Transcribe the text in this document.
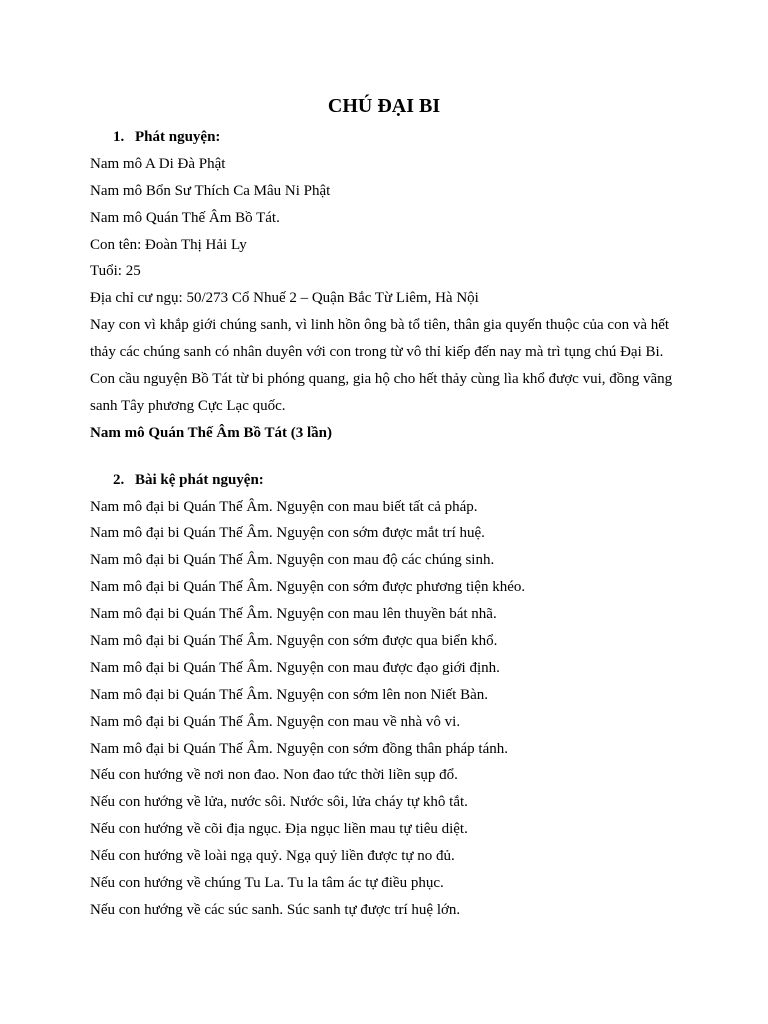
CHÚ ĐẠI BI
1. Phát nguyện:
Nam mô A Di Đà Phật
Nam mô Bổn Sư Thích Ca Mâu Ni Phật
Nam mô Quán Thế Âm Bồ Tát.
Con tên: Đoàn Thị Hải Ly
Tuổi: 25
Địa chỉ cư ngụ: 50/273 Cổ Nhuế 2 – Quận Bắc Từ Liêm, Hà Nội
Nay con vì khắp giới chúng sanh, vì linh hồn ông bà tổ tiên, thân gia quyến thuộc của con và hết
thảy các chúng sanh có nhân duyên với con trong từ vô thỉ kiếp đến nay mà trì tụng chú Đại Bi.
Con cầu nguyện Bồ Tát từ bi phóng quang, gia hộ cho hết thảy cùng lìa khổ được vui, đồng vãng
sanh Tây phương Cực Lạc quốc.
Nam mô Quán Thế Âm Bồ Tát (3 lần)
2. Bài kệ phát nguyện:
Nam mô đại bi Quán Thế Âm. Nguyện con mau biết tất cả pháp.
Nam mô đại bi Quán Thế Âm. Nguyện con sớm được mắt trí huệ.
Nam mô đại bi Quán Thế Âm. Nguyện con mau độ các chúng sinh.
Nam mô đại bi Quán Thế Âm. Nguyện con sớm được phương tiện khéo.
Nam mô đại bi Quán Thế Âm. Nguyện con mau lên thuyền bát nhã.
Nam mô đại bi Quán Thế Âm. Nguyện con sớm được qua biển khổ.
Nam mô đại bi Quán Thế Âm. Nguyện con mau được đạo giới định.
Nam mô đại bi Quán Thế Âm. Nguyện con sớm lên non Niết Bàn.
Nam mô đại bi Quán Thế Âm. Nguyện con mau về nhà vô vi.
Nam mô đại bi Quán Thế Âm. Nguyện con sớm đồng thân pháp tánh.
Nếu con hướng về nơi non đao. Non đao tức thời liền sụp đổ.
Nếu con hướng về lửa, nước sôi. Nước sôi, lửa cháy tự khô tắt.
Nếu con hướng về cõi địa ngục. Địa ngục liền mau tự tiêu diệt.
Nếu con hướng về loài ngạ quỷ. Ngạ quỷ liền được tự no đủ.
Nếu con hướng về chúng Tu La. Tu la tâm ác tự điều phục.
Nếu con hướng về các súc sanh. Súc sanh tự được trí huệ lớn.
